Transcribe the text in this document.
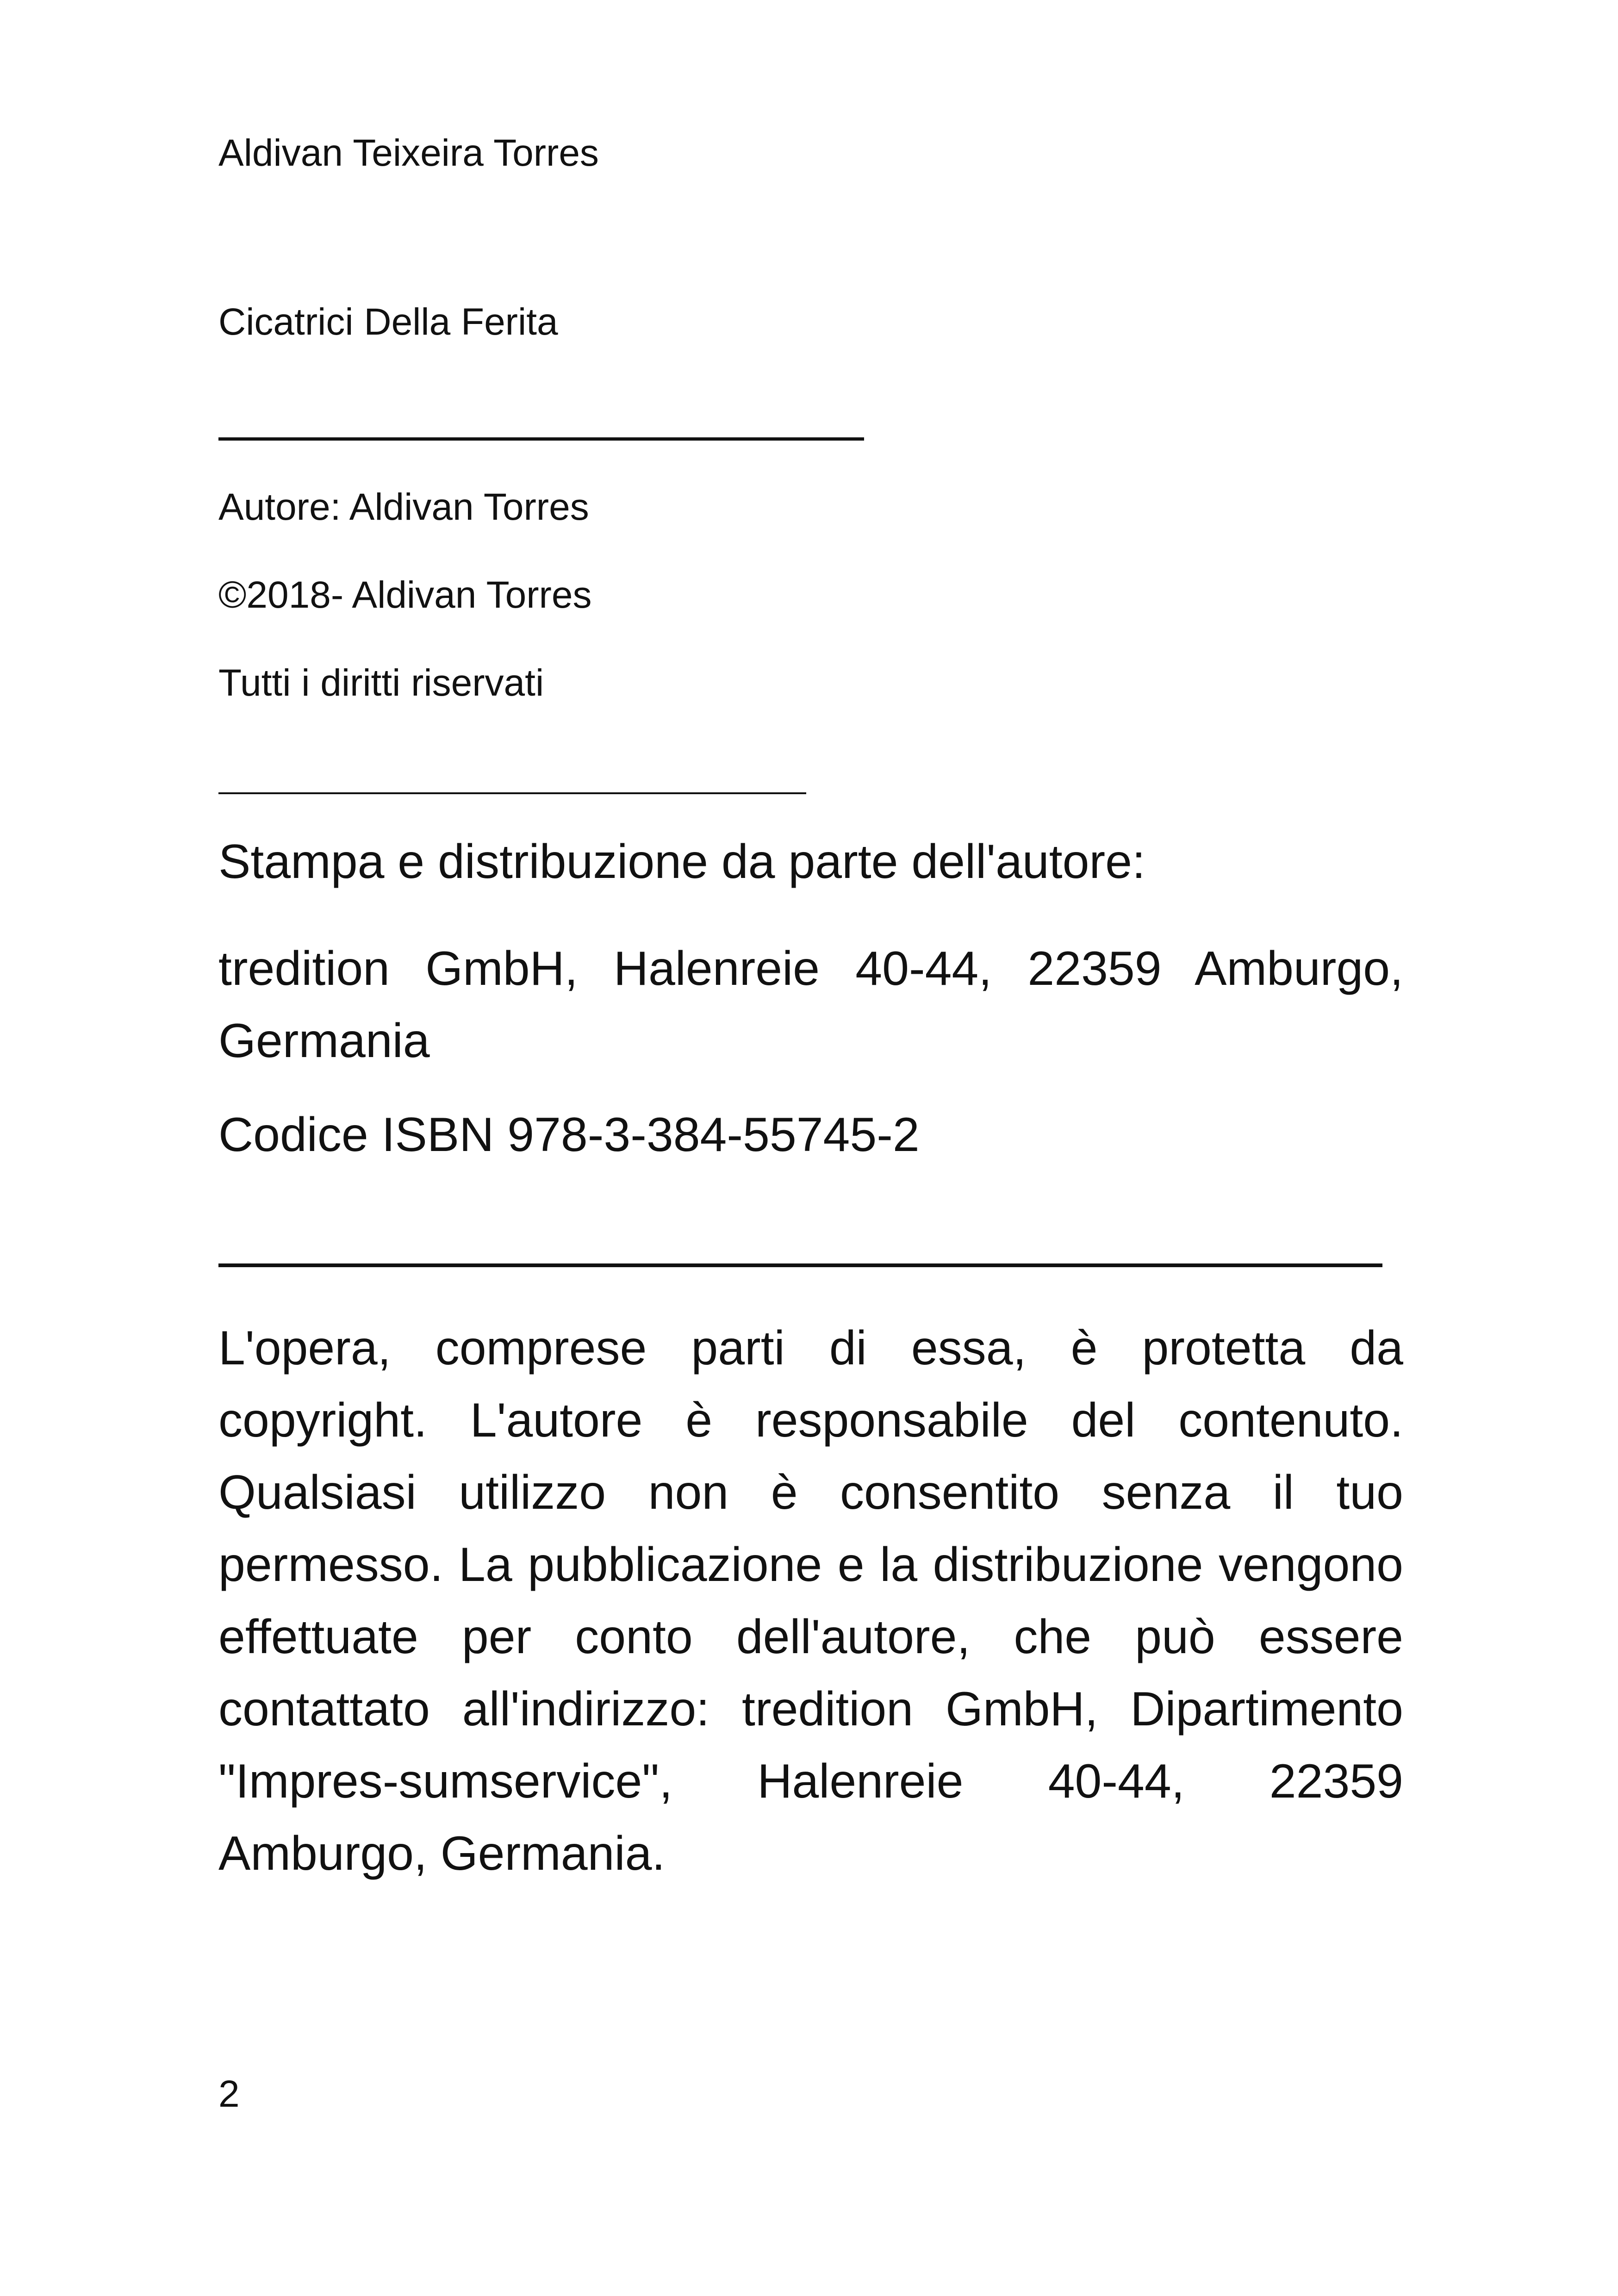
Aldivan Teixeira Torres

Cicatrici Della Ferita

Autore: Aldivan Torres

©2018- Aldivan Torres

Tutti i diritti riservati

Stampa e distribuzione da parte dell'autore:

tredition GmbH, Halenreie 40-44, 22359 Amburgo, Germania

Codice ISBN 978-3-384-55745-2

L'opera, comprese parti di essa, è protetta da copyright. L'autore è responsabile del contenuto. Qualsiasi utilizzo non è consentito senza il tuo permesso. La pubblicazione e la distribuzione vengono effettuate per conto dell'autore, che può essere contattato all'indirizzo: tredition GmbH, Dipartimento "Impres-sumservice", Halenreie 40-44, 22359 Amburgo, Germania.

2
